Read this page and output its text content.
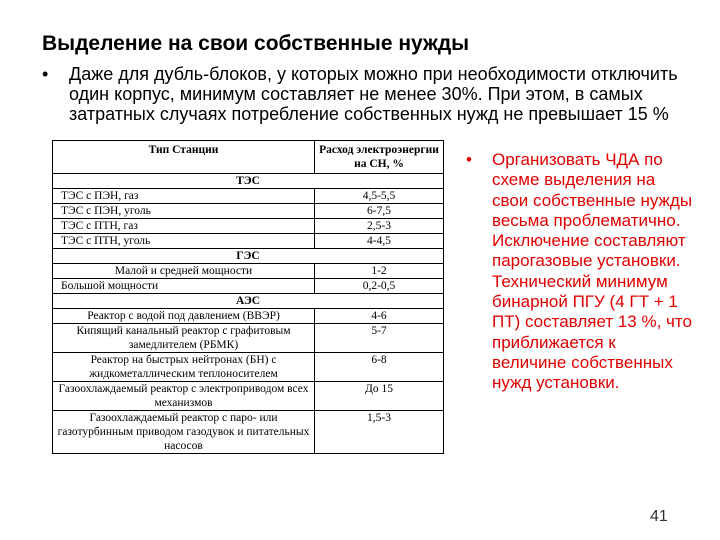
Выделение на свои собственные нужды
• Даже для дубль-блоков, у которых можно при необходимости отключить один корпус, минимум составляет не менее 30%. При этом, в самых затратных случаях потребление собственных нужд не превышает 15 %
Тип Станции	Расход электроэнергии на СН, %
ТЭС	
ТЭС с ПЭН, газ	4,5-5,5
ТЭС с ПЭН, уголь	6-7,5
ТЭС с ПТН, газ	2,5-3
ТЭС с ПТН, уголь	4-4,5
ГЭС	
Малой и средней мощности	1-2
Большой мощности	0,2-0,5
АЭС	
Реактор с водой под давлением (ВВЭР)	4-6
Кипящий канальный реактор с графитовым замедлителем (РБМК)	5-7
Реактор на быстрых нейтронах (БН) с жидкометаллическим теплоносителем	6-8
Газоохлаждаемый реактор с электроприводом всех механизмов	До 15
Газоохлаждаемый реактор с паро- или газотурбинным приводом газодувок и питательных насосов	1,5-3
• Организовать ЧДА по схеме выделения на свои собственные нужды весьма проблематично. Исключение составляют парогазовые установки. Технический минимум бинарной ПГУ (4 ГТ + 1 ПТ) составляет 13 %, что приближается к величине собственных нужд установки.
41
